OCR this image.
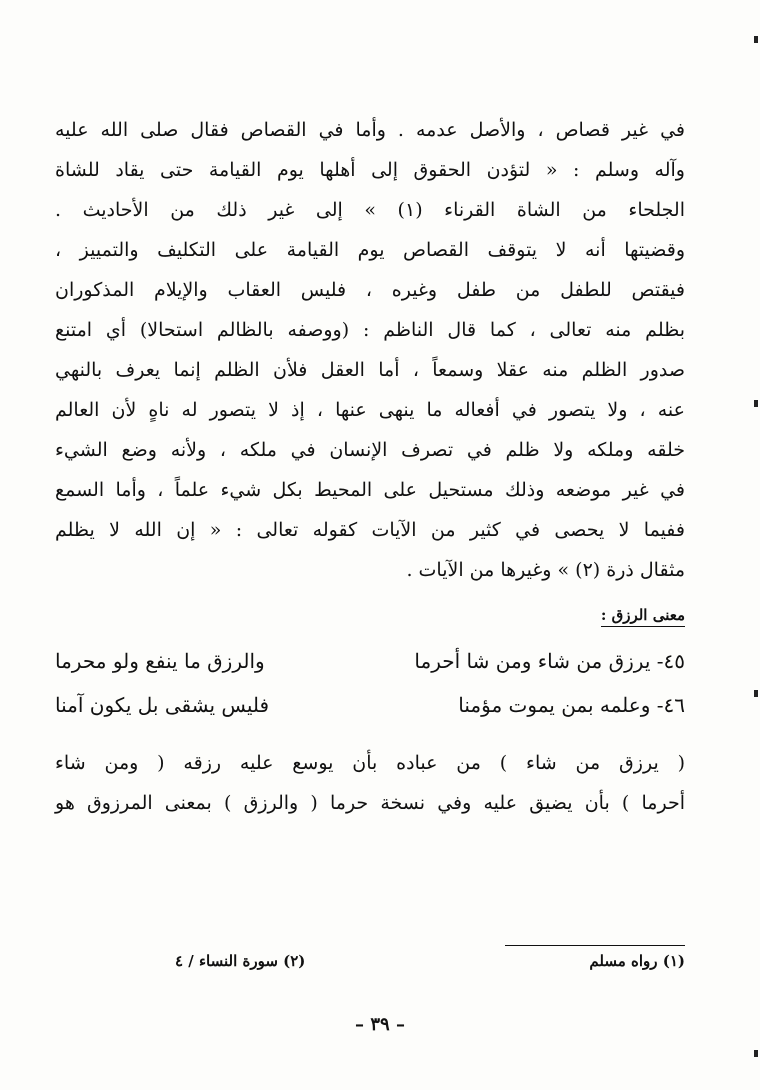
في غير قصاص ، والأصل عدمه . وأما في القصاص فقال صلى الله عليه

وآله وسلم : « لتؤدن الحقوق إلى أهلها يوم القيامة حتى يقاد للشاة

الجلحاء من الشاة القرناء (١) » إلى غير ذلك من الأحاديث .

وقضيتها أنه لا يتوقف القصاص يوم القيامة على التكليف والتمييز ،

فيقتص للطفل من طفل وغيره ، فليس العقاب والإيلام المذكوران

بظلم منه تعالى ، كما قال الناظم : (ووصفه بالظالم استحالا) أي امتنع

صدور الظلم منه عقلا وسمعاً ، أما العقل فلأن الظلم إنما يعرف بالنهي

عنه ، ولا يتصور في أفعاله ما ينهى عنها ، إذ لا يتصور له ناهٍ لأن العالم

خلقه وملكه ولا ظلم في تصرف الإنسان في ملكه ، ولأنه وضع الشيء

في غير موضعه وذلك مستحيل على المحيط بكل شيء علماً ، وأما السمع

ففيما لا يحصى في كثير من الآيات كقوله تعالى : « إن الله لا يظلم

مثقال ذرة (٢) » وغيرها من الآيات .

معنى الرزق :
٤٥- يرزق من شاء ومن شا أحرما
والرزق ما ينفع ولو محرما
٤٦- وعلمه بمن يموت مؤمنا
فليس يشقى بل يكون آمنا

( يرزق من شاء ) من عباده بأن يوسع عليه رزقه ( ومن شاء

أحرما ) بأن يضيق عليه وفي نسخة حرما ( والرزق ) بمعنى المرزوق هو

(١) رواه مسلم
(٢) سورة النساء / ٤
– ٣٩ –
